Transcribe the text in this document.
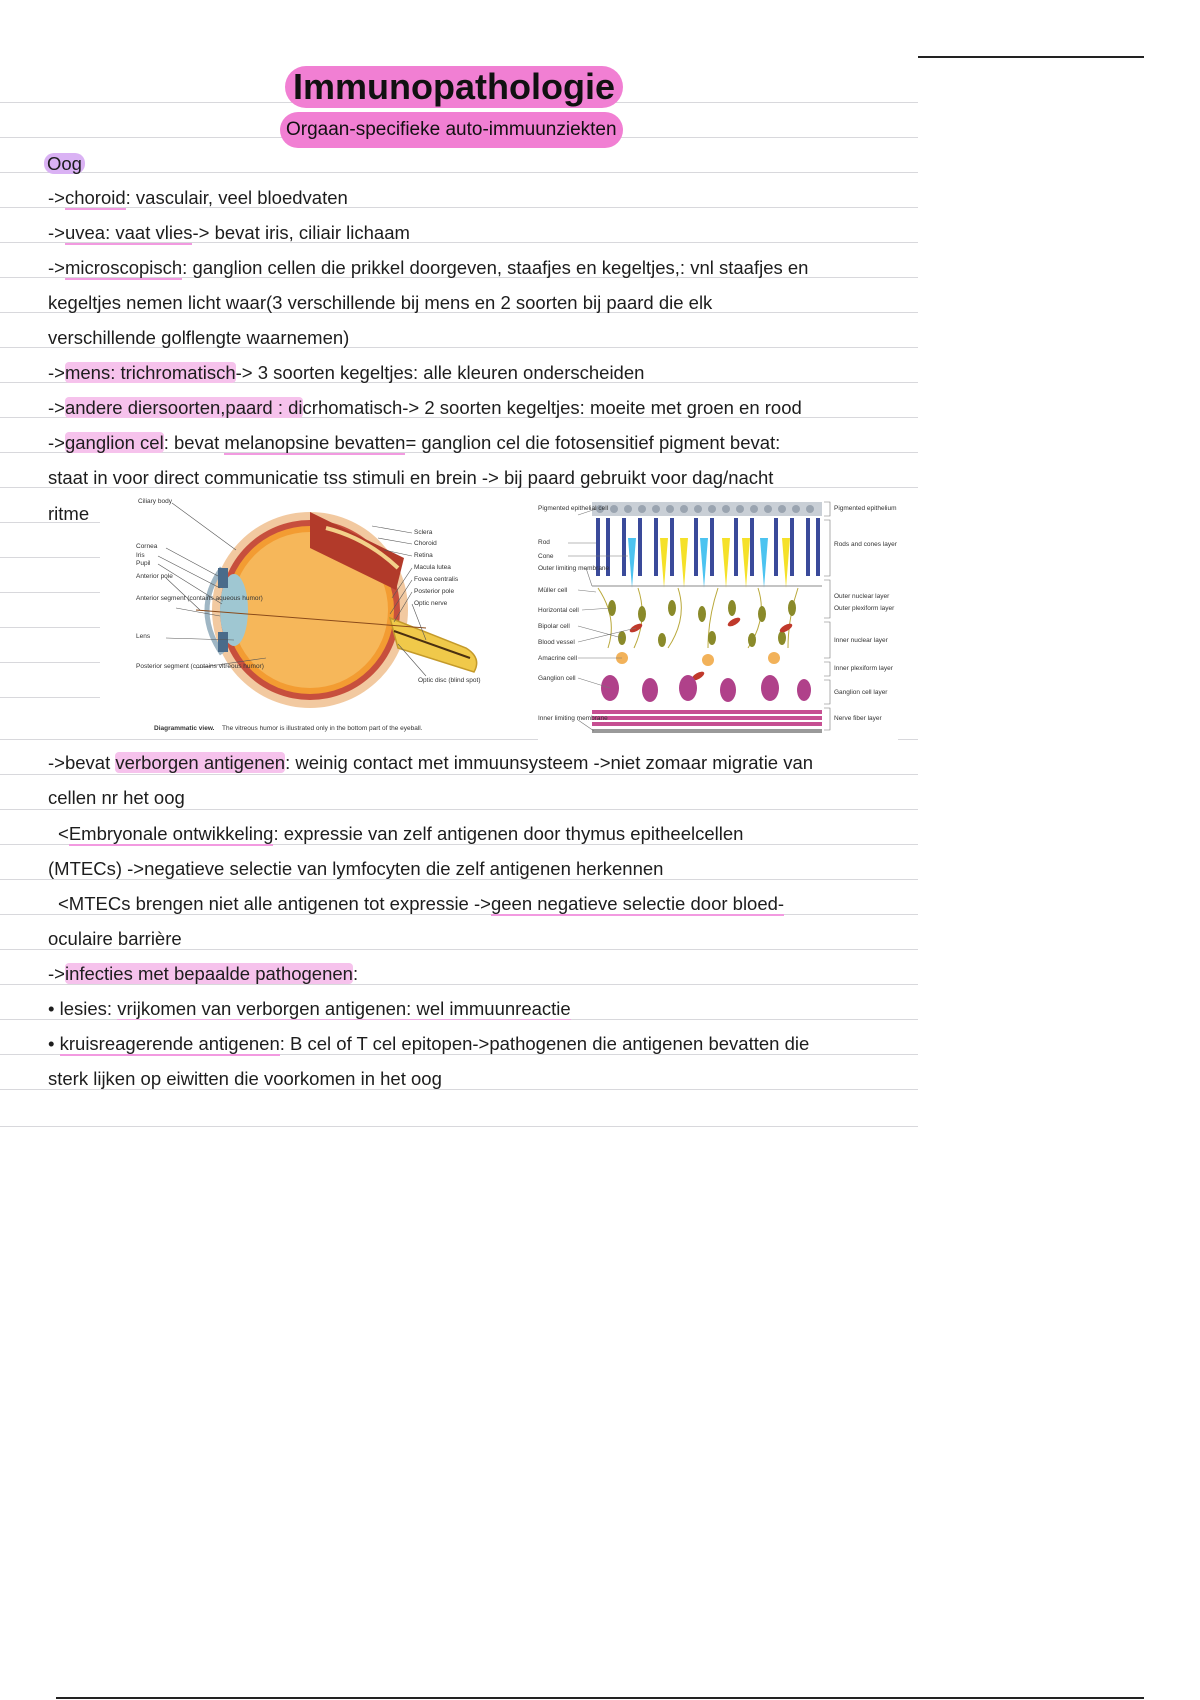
Immunopathologie
Orgaan-specifieke auto-immuunziekten
Oog
->choroid: vasculair, veel bloedvaten
->uvea: vaat vlies-> bevat iris, ciliair lichaam
->microscopisch: ganglion cellen die prikkel doorgeven, staafjes en kegeltjes,: vnl staafjes en
kegeltjes nemen licht waar(3 verschillende bij mens en 2 soorten bij paard die elk
verschillende golflengte waarnemen)
->mens: trichromatisch-> 3 soorten kegeltjes: alle kleuren onderscheiden
->andere diersoorten,paard : dicrhomatisch-> 2 soorten kegeltjes: moeite met groen en rood
->ganglion cel: bevat melanopsine bevatten= ganglion cel die fotosensitief pigment bevat:
staat in voor direct communicatie tss stimuli en brein -> bij paard gebruikt voor dag/nacht
ritme
Ciliary body
Cornea
Iris
Pupil
Anterior pole
Anterior segment (contains aqueous humor)
Lens
Posterior segment (contains vitreous humor)
Sclera
Choroid
Retina
Macula lutea
Fovea centralis
Posterior pole
Optic nerve
Optic disc (blind spot)
Diagrammatic view. The vitreous humor is illustrated only in the bottom part of the eyeball.
Pigmented epithelial cell
Rod
Cone
Outer limiting membrane
Müller cell
Horizontal cell
Bipolar cell
Blood vessel
Amacrine cell
Ganglion cell
Inner limiting membrane
Pigmented epithelium
Rods and cones layer
Outer nuclear layer
Outer plexiform layer
Inner nuclear layer
Inner plexiform layer
Ganglion cell layer
Nerve fiber layer
->bevat verborgen antigenen: weinig contact met immuunsysteem ->niet zomaar migratie van
cellen nr het oog
<Embryonale ontwikkeling: expressie van zelf antigenen door thymus epitheelcellen
(MTECs) ->negatieve selectie van lymfocyten die zelf antigenen herkennen
<MTECs brengen niet alle antigenen tot expressie ->geen negatieve selectie door bloed-
oculaire barrière
->infecties met bepaalde pathogenen:
• lesies: vrijkomen van verborgen antigenen: wel immuunreactie
• kruisreagerende antigenen: B cel of T cel epitopen->pathogenen die antigenen bevatten die
sterk lijken op eiwitten die voorkomen in het oog
